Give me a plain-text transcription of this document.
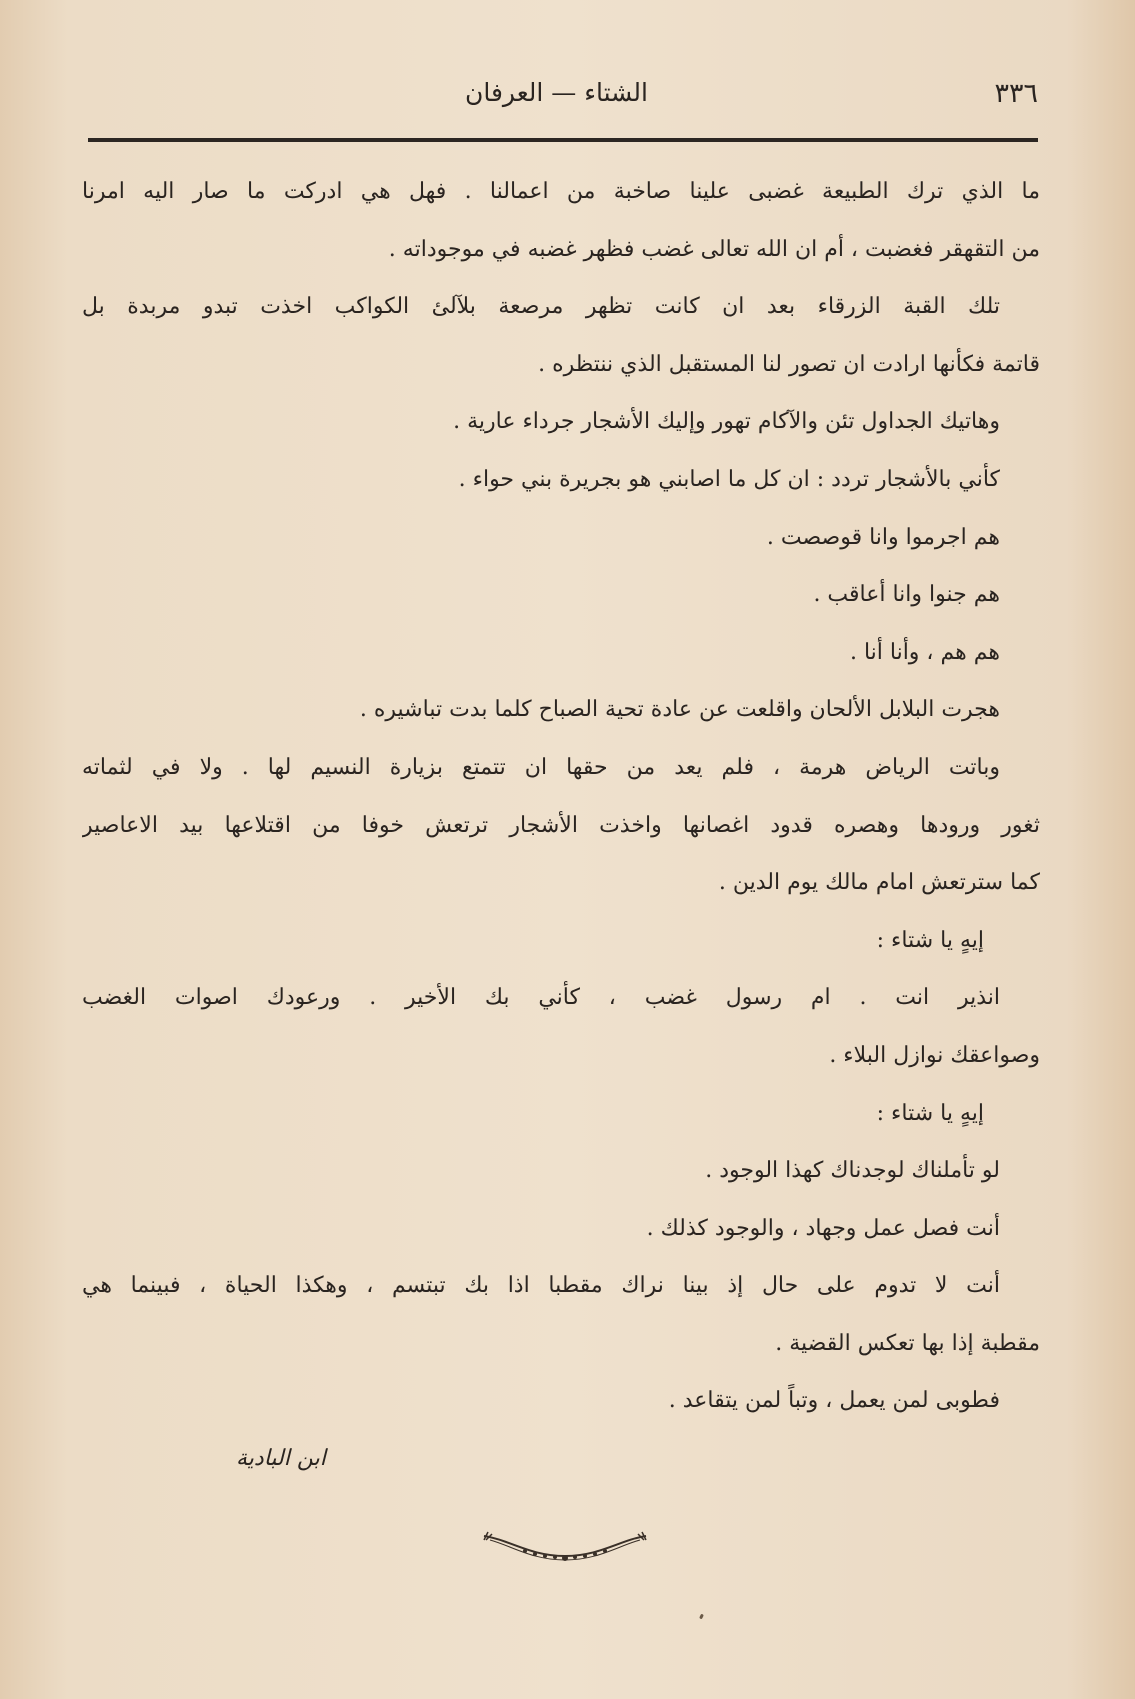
٣٣٦
الشتاء — العرفان
ما الذي ترك الطبيعة غضبى علينا صاخبة من اعمالنا . فهل هي ادركت ما صار اليه امرنا
من التقهقر فغضبت ، أم ان الله تعالى غضب فظهر غضبه في موجوداته .
تلك القبة الزرقاء بعد ان كانت تظهر مرصعة بلآلئ الكواكب اخذت تبدو مربدة بل
قاتمة فكأنها ارادت ان تصور لنا المستقبل الذي ننتظره .
وهاتيك الجداول تئن والآكام تهور وإليك الأشجار جرداء عارية .
كأني بالأشجار تردد : ان كل ما اصابني هو بجريرة بني حواء .
هم اجرموا وانا قوصصت .
هم جنوا وانا أعاقب .
هم هم ، وأنا أنا .
هجرت البلابل الألحان واقلعت عن عادة تحية الصباح كلما بدت تباشيره .
وباتت الرياض هرمة ، فلم يعد من حقها ان تتمتع بزيارة النسيم لها . ولا في لثماته
ثغور ورودها وهصره قدود اغصانها واخذت الأشجار ترتعش خوفا من اقتلاعها بيد الاعاصير
كما سترتعش امام مالك يوم الدين .
إيهٍ يا شتاء :
انذير انت . ام رسول غضب ، كأني بك الأخير . ورعودك اصوات الغضب
وصواعقك نوازل البلاء .
إيهٍ يا شتاء :
لو تأملناك لوجدناك كهذا الوجود .
أنت فصل عمل وجهاد ، والوجود كذلك .
أنت لا تدوم على حال إذ بينا نراك مقطبا اذا بك تبتسم ، وهكذا الحياة ، فبينما هي
مقطبة إذا بها تعكس القضية .
فطوبى لمن يعمل ، وتباً لمن يتقاعد .
ابن البادية
